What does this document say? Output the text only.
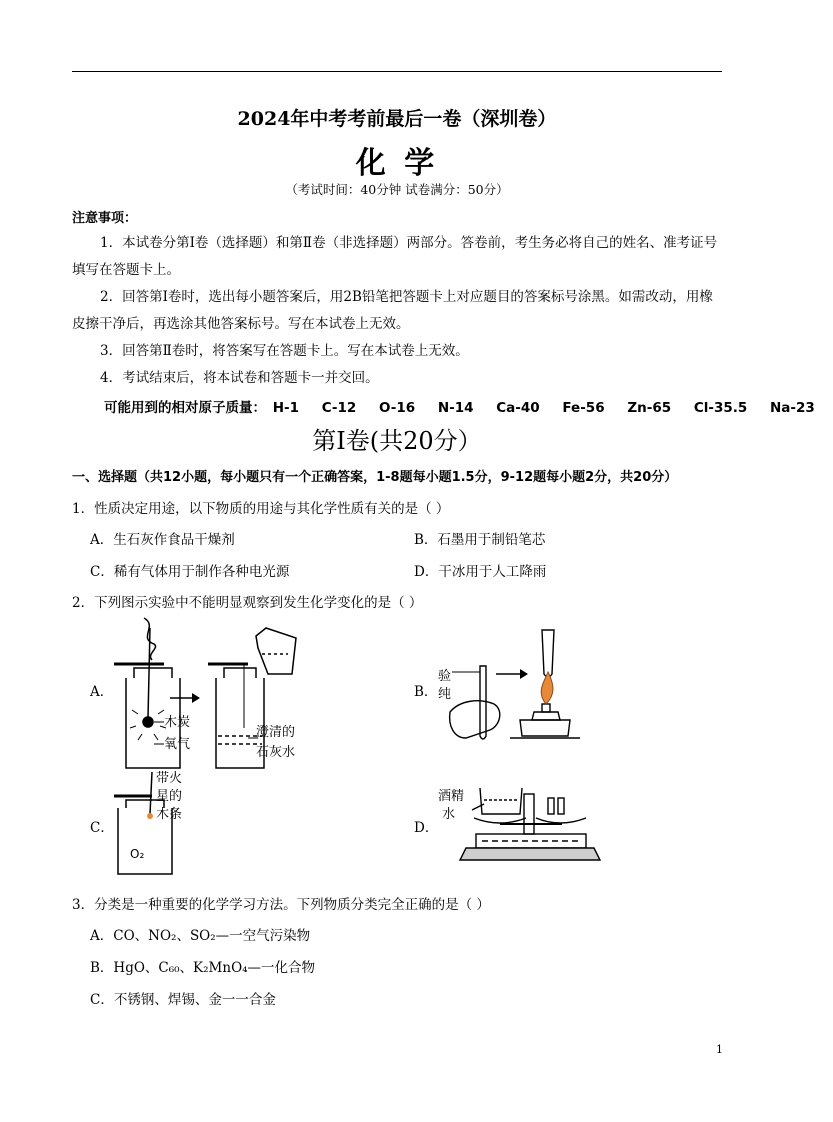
2024年中考考前最后一卷（深圳卷）
化 学
（考试时间：40分钟 试卷满分：50分）
注意事项：
1．本试卷分第Ⅰ卷（选择题）和第Ⅱ卷（非选择题）两部分。答卷前，考生务必将自己的姓名、准考证号填写在答题卡上。
2．回答第Ⅰ卷时，选出每小题答案后，用2B铅笔把答题卡上对应题目的答案标号涂黑。如需改动，用橡皮擦干净后，再选涂其他答案标号。写在本试卷上无效。
3．回答第Ⅱ卷时，将答案写在答题卡上。写在本试卷上无效。
4．考试结束后，将本试卷和答题卡一并交回。
可能用到的相对原子质量： H-1 C-12 O-16 N-14 Ca-40 Fe-56 Zn-65 Cl-35.5 Na-23
第Ⅰ卷(共20分）
一、选择题（共12小题，每小题只有一个正确答案，1-8题每小题1.5分，9-12题每小题2分，共20分）
1．性质决定用途，以下物质的用途与其化学性质有关的是（ ）
A．生石灰作食品干燥剂	B．石墨用于制铅笔芯
C．稀有气体用于制作各种电光源	D．干冰用于人工降雨
2．下列图示实验中不能明显观察到发生化学变化的是（ ）
A．	B．
C．	D．
木炭
氧气
澄清的
石灰水
验
纯
带火
星的
木条
O₂
酒精
水
3．分类是一种重要的化学学习方法。下列物质分类完全正确的是（ ）
A．CO、NO₂、SO₂—一空气污染物
B．HgO、C₆₀、K₂MnO₄—一化合物
C．不锈钢、焊锡、金一一合金
1
